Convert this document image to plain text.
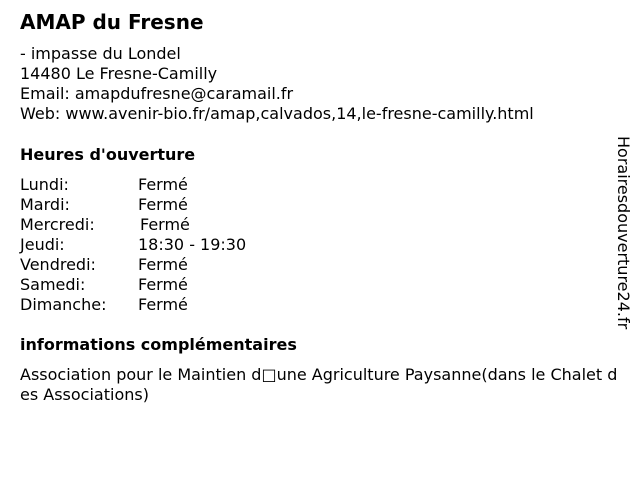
AMAP du Fresne
- impasse du Londel
14480 Le Fresne-Camilly
Email: amapdufresne@caramail.fr
Web: www.avenir-bio.fr/amap,calvados,14,le-fresne-camilly.html
Heures d'ouverture
Lundi:	Fermé
Mardi:	Fermé
Mercredi:	Fermé
Jeudi:	18:30 - 19:30
Vendredi:	Fermé
Samedi:	Fermé
Dimanche:	Fermé
informations complémentaires
Association pour le Maintien d□une Agriculture Paysanne(dans le Chalet des Associations)
Horairesdouverture24.fr
